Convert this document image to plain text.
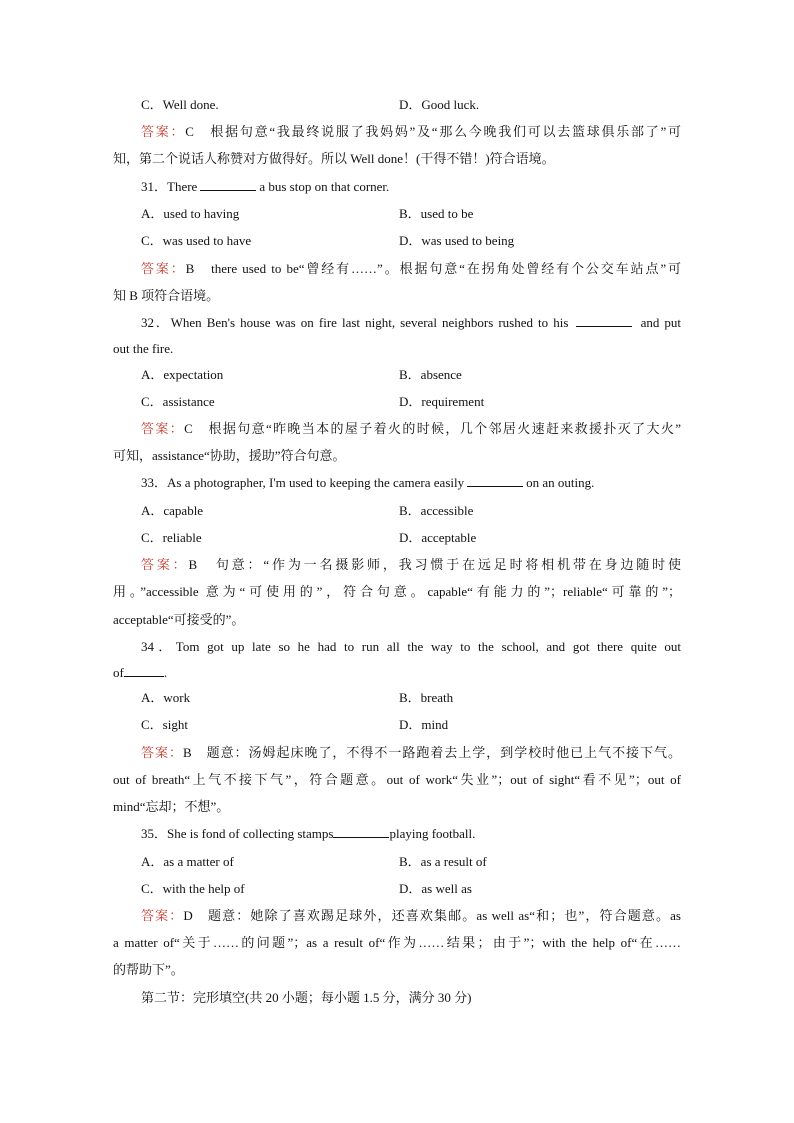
C．Well done.	D．Good luck.
答案：C　根据句意“我最终说服了我妈妈”及“那么今晚我们可以去篮球俱乐部了”可
知，第二个说话人称赞对方做得好。所以 Well done！(干得不错！)符合语境。
31．There	a bus stop on that corner.
A．used to having	B．used to be
C．was used to have	D．was used to being
答案：B　there used to be“曾经有……”。根据句意“在拐角处曾经有个公交车站点”可
知 B 项符合语境。
32．When Ben's house was on fire last night, several neighbors rushed to his	and put
out the fire.
A．expectation	B．absence
C．assistance	D．requirement
答案：C　根据句意“昨晚当本的屋子着火的时候，几个邻居火速赶来救援扑灭了大火”
可知，assistance“协助，援助”符合句意。
33．As a photographer, I'm used to keeping the camera easily	on an outing.
A．capable	B．accessible
C．reliable	D．acceptable
答案：B　句意：“作为一名摄影师，我习惯于在远足时将相机带在身边随时使
用。”accessible 意为“可使用的”，符合句意。capable“有能力的”；reliable“可靠的”；
acceptable“可接受的”。
34．Tom got up late so he had to run all the way to the school, and got there quite out
of	.
A．work	B．breath
C．sight	D．mind
答案：B　题意：汤姆起床晚了，不得不一路跑着去上学，到学校时他已上气不接下气。
out of breath“上气不接下气”，符合题意。out of work“失业”；out of sight“看不见”；out of
mind“忘却；不想”。
35．She is fond of collecting stamps	playing football.
A．as a matter of	B．as a result of
C．with the help of	D．as well as
答案：D　题意：她除了喜欢踢足球外，还喜欢集邮。as well as“和；也”，符合题意。as
a matter of“关于……的问题”；as a result of“作为……结果；由于”；with the help of“在……
的帮助下”。
第二节：完形填空(共 20 小题；每小题 1.5 分，满分 30 分)
